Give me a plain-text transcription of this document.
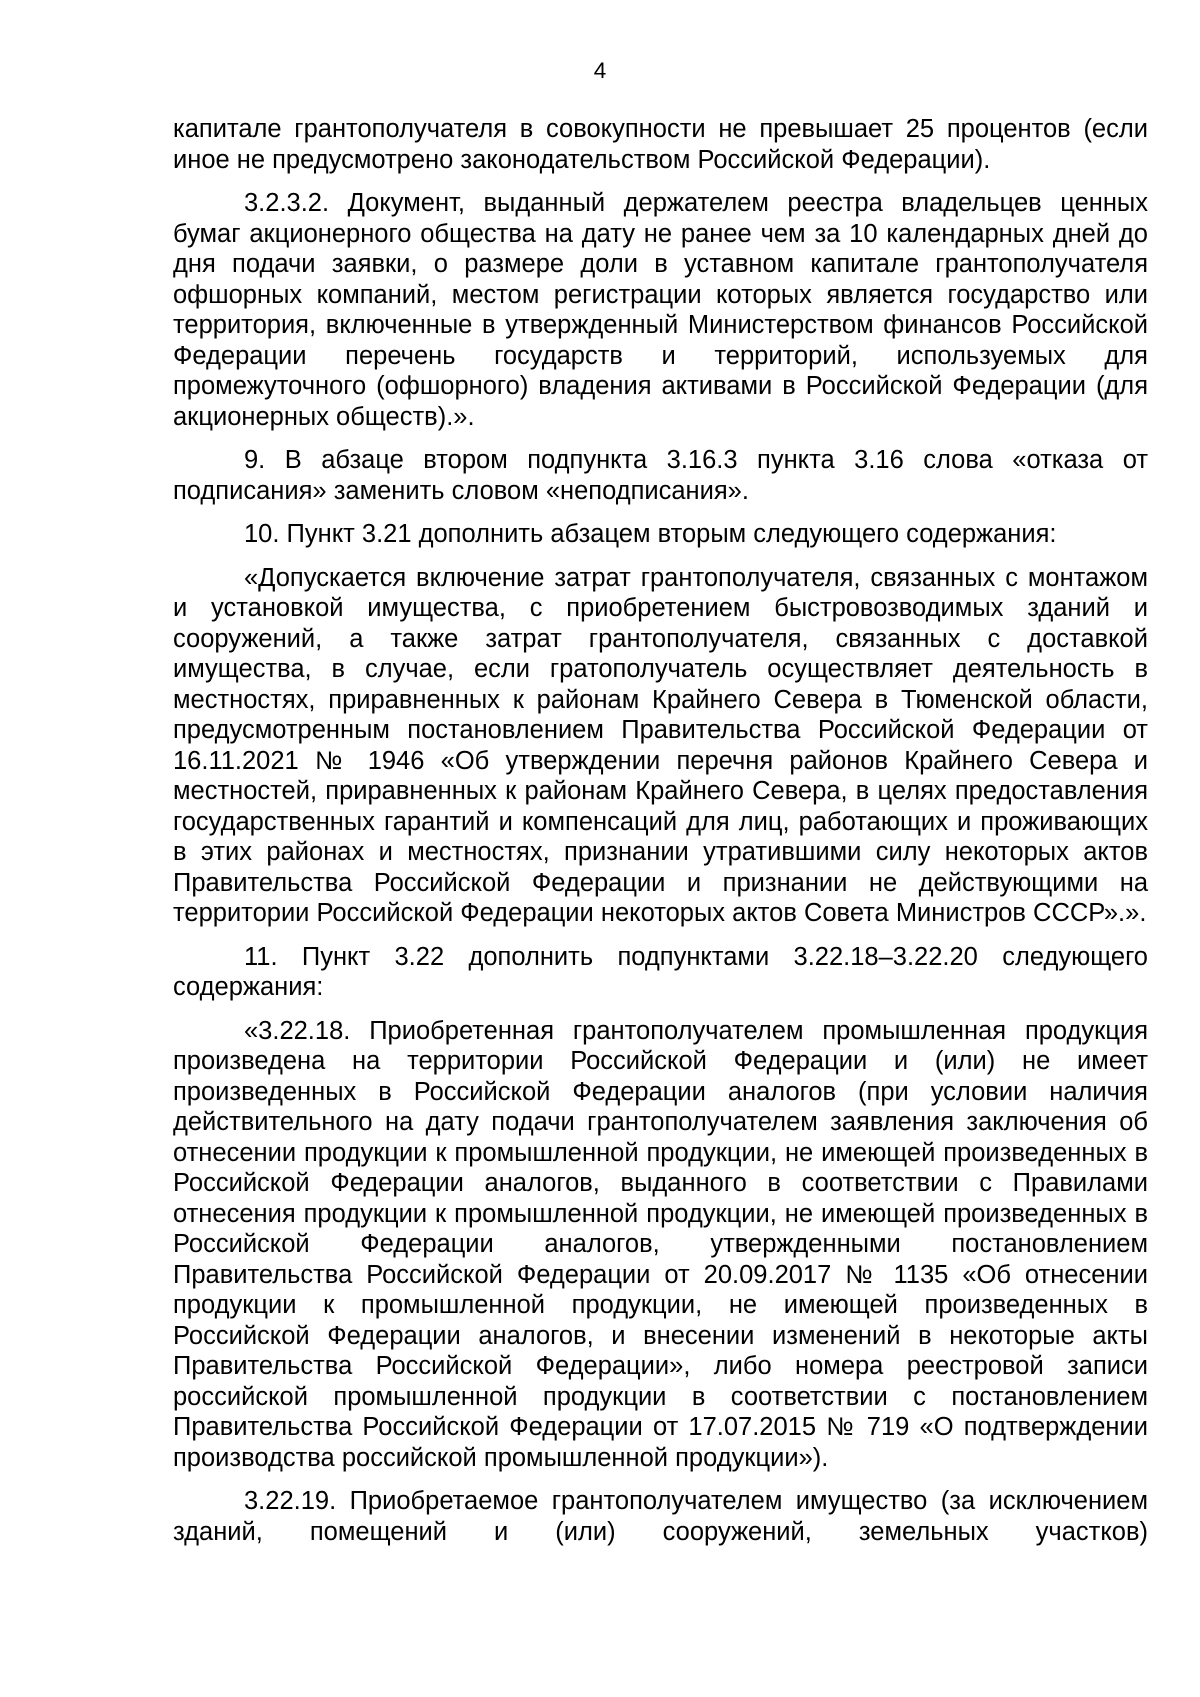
4

капитале грантополучателя в совокупности не превышает 25 процентов (если иное не предусмотрено законодательством Российской Федерации).

3.2.3.2. Документ, выданный держателем реестра владельцев ценных бумаг акционерного общества на дату не ранее чем за 10 календарных дней до дня подачи заявки, о размере доли в уставном капитале грантополучателя офшорных компаний, местом регистрации которых является государство или территория, включенные в утвержденный Министерством финансов Российской Федерации перечень государств и территорий, используемых для промежуточного (офшорного) владения активами в Российской Федерации (для акционерных обществ).».

9. В абзаце втором подпункта 3.16.3 пункта 3.16 слова «отказа от подписания» заменить словом «неподписания».

10. Пункт 3.21 дополнить абзацем вторым следующего содержания:

«Допускается включение затрат грантополучателя, связанных с монтажом и установкой имущества, с приобретением быстровозводимых зданий и сооружений, а также затрат грантополучателя, связанных с доставкой имущества, в случае, если гратополучатель осуществляет деятельность в местностях, приравненных к районам Крайнего Севера в Тюменской области, предусмотренным постановлением Правительства Российской Федерации от 16.11.2021 № 1946 «Об утверждении перечня районов Крайнего Севера и местностей, приравненных к районам Крайнего Севера, в целях предоставления государственных гарантий и компенсаций для лиц, работающих и проживающих в этих районах и местностях, признании утратившими силу некоторых актов Правительства Российской Федерации и признании не действующими на территории Российской Федерации некоторых актов Совета Министров СССР».».

11. Пункт 3.22 дополнить подпунктами 3.22.18–3.22.20 следующего содержания:

«3.22.18. Приобретенная грантополучателем промышленная продукция произведена на территории Российской Федерации и (или) не имеет произведенных в Российской Федерации аналогов (при условии наличия действительного на дату подачи грантополучателем заявления заключения об отнесении продукции к промышленной продукции, не имеющей произведенных в Российской Федерации аналогов, выданного в соответствии с Правилами отнесения продукции к промышленной продукции, не имеющей произведенных в Российской Федерации аналогов, утвержденными постановлением Правительства Российской Федерации от 20.09.2017 № 1135 «Об отнесении продукции к промышленной продукции, не имеющей произведенных в Российской Федерации аналогов, и внесении изменений в некоторые акты Правительства Российской Федерации», либо номера реестровой записи российской промышленной продукции в соответствии с постановлением Правительства Российской Федерации от 17.07.2015 № 719 «О подтверждении производства российской промышленной продукции»).

3.22.19. Приобретаемое грантополучателем имущество (за исключением зданий, помещений и (или) сооружений, земельных участков)
